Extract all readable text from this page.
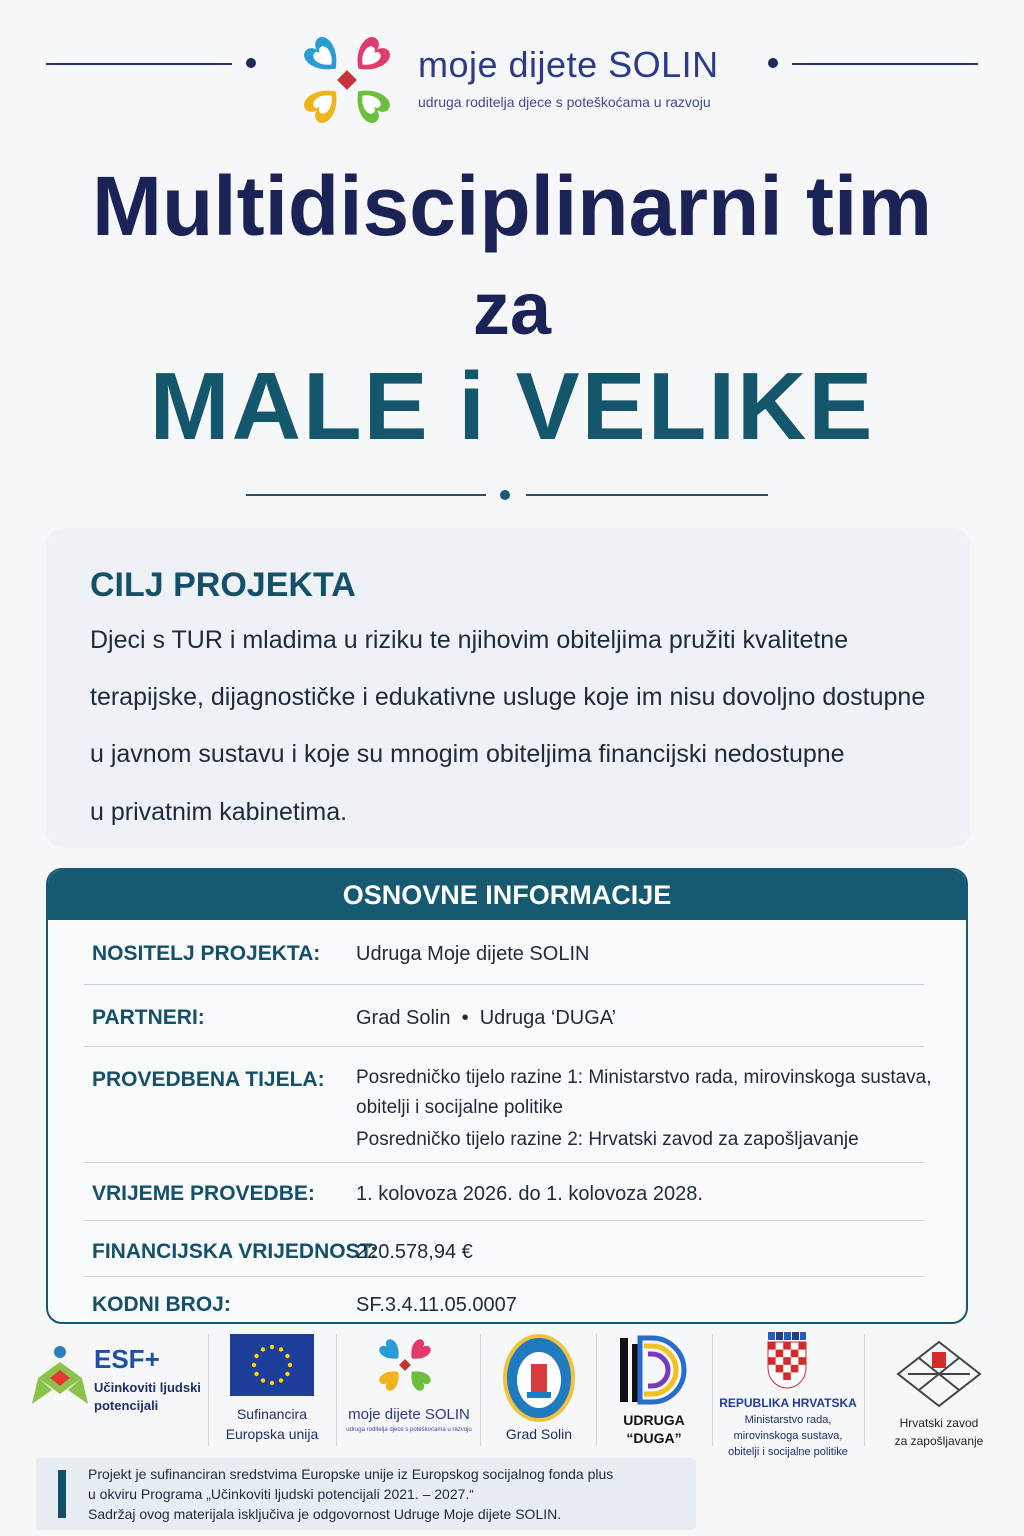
moje dijete SOLIN
udruga roditelja djece s poteškoćama u razvoju
Multidisciplinarni tim
za
MALE i VELIKE
CILJ PROJEKTA
Djeci s TUR i mladima u riziku te njihovim obiteljima pružiti kvalitetne
terapijske, dijagnostičke i edukativne usluge koje im nisu dovoljno dostupne
u javnom sustavu i koje su mnogim obiteljima financijski nedostupne
u privatnim kabinetima.
OSNOVNE INFORMACIJE
NOSITELJ PROJEKTA: Udruga Moje dijete SOLIN
PARTNERI:	Grad Solin  •  Udruga ‘DUGA’
PROVEDBENA TIJELA: Posredničko tijelo razine 1: Ministarstvo rada, mirovinskoga sustava,
obitelji i socijalne politike
Posredničko tijelo razine 2: Hrvatski zavod za zapošljavanje
VRIJEME PROVEDBE: 1. kolovoza 2026. do 1. kolovoza 2028.
FINANCIJSKA VRIJEDNOST:
220.578,94 €
KODNI BROJ:	SF.3.4.11.05.0007
ESF+
Učinkoviti ljudski
potencijali
Sufinancira
Europska unija
moje dijete SOLIN
udruga roditelja djece s poteškoćama u razvoju	Grad Solin
UDRUGA
“DUGA”
REPUBLIKA HRVATSKA
Ministarstvo rada,
mirovinskoga sustava,
obitelji i socijalne politike
Hrvatski zavod
za zapošljavanje
Projekt je sufinanciran sredstvima Europske unije iz Europskog socijalnog fonda plus
u okviru Programa „Učinkoviti ljudski potencijali 2021. – 2027.“
Sadržaj ovog materijala isključiva je odgovornost Udruge Moje dijete SOLIN.
